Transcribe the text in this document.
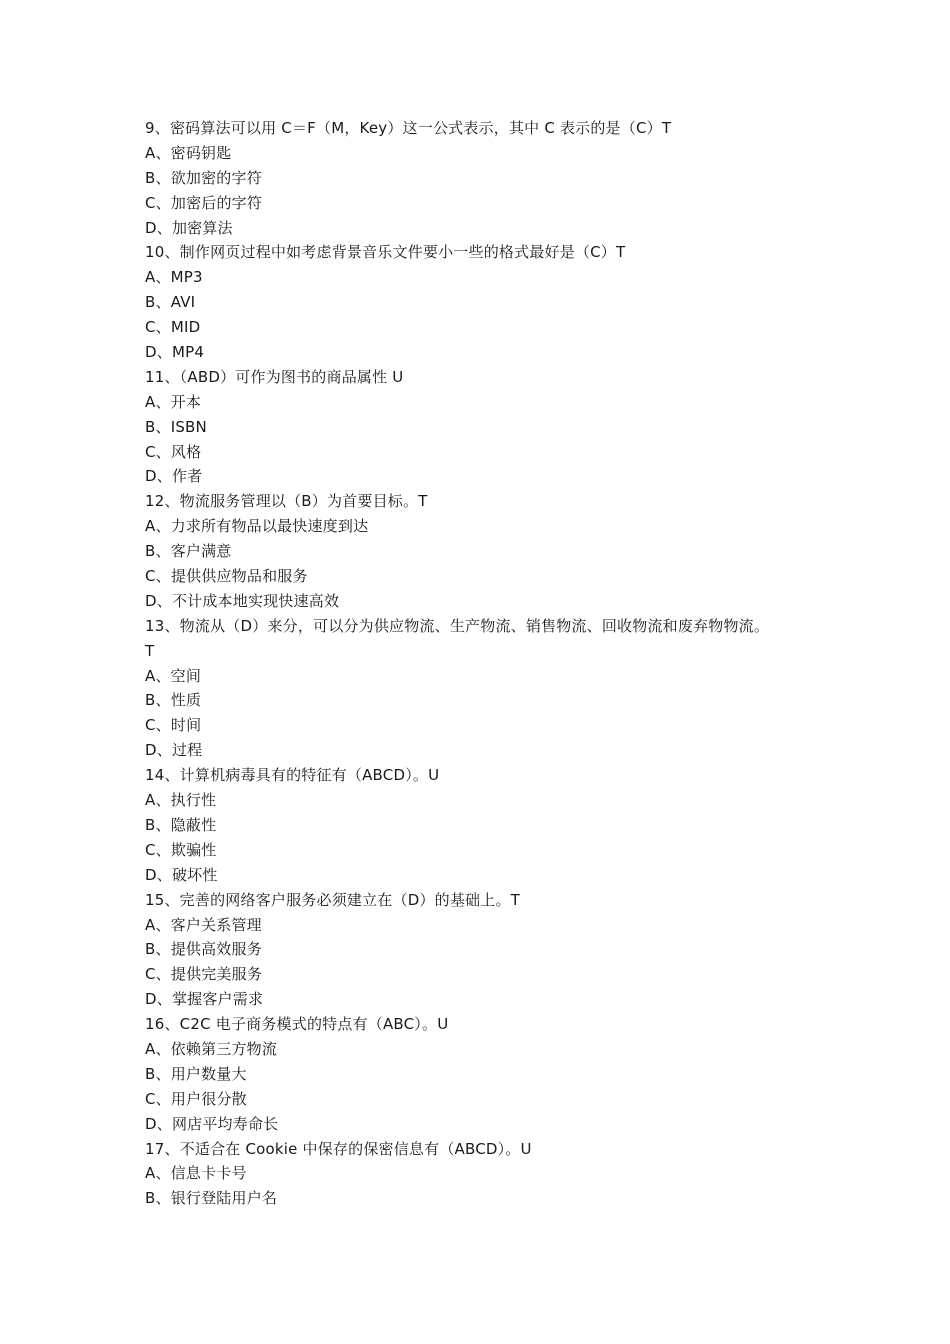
9、密码算法可以用 C＝F（M，Key）这一公式表示，其中 C 表示的是（C）T
A、密码钥匙
B、欲加密的字符
C、加密后的字符
D、加密算法
10、制作网页过程中如考虑背景音乐文件要小一些的格式最好是（C）T
A、MP3
B、AVI
C、MID
D、MP4
11、（ABD）可作为图书的商品属性 U
A、开本
B、ISBN
C、风格
D、作者
12、物流服务管理以（B）为首要目标。T
A、力求所有物品以最快速度到达
B、客户满意
C、提供供应物品和服务
D、不计成本地实现快速高效
13、物流从（D）来分，可以分为供应物流、生产物流、销售物流、回收物流和废弃物物流。
T
A、空间
B、性质
C、时间
D、过程
14、计算机病毒具有的特征有（ABCD）。U
A、执行性
B、隐蔽性
C、欺骗性
D、破坏性
15、完善的网络客户服务必须建立在（D）的基础上。T
A、客户关系管理
B、提供高效服务
C、提供完美服务
D、掌握客户需求
16、C2C 电子商务模式的特点有（ABC）。U
A、依赖第三方物流
B、用户数量大
C、用户很分散
D、网店平均寿命长
17、不适合在 Cookie 中保存的保密信息有（ABCD）。U
A、信息卡卡号
B、银行登陆用户名
